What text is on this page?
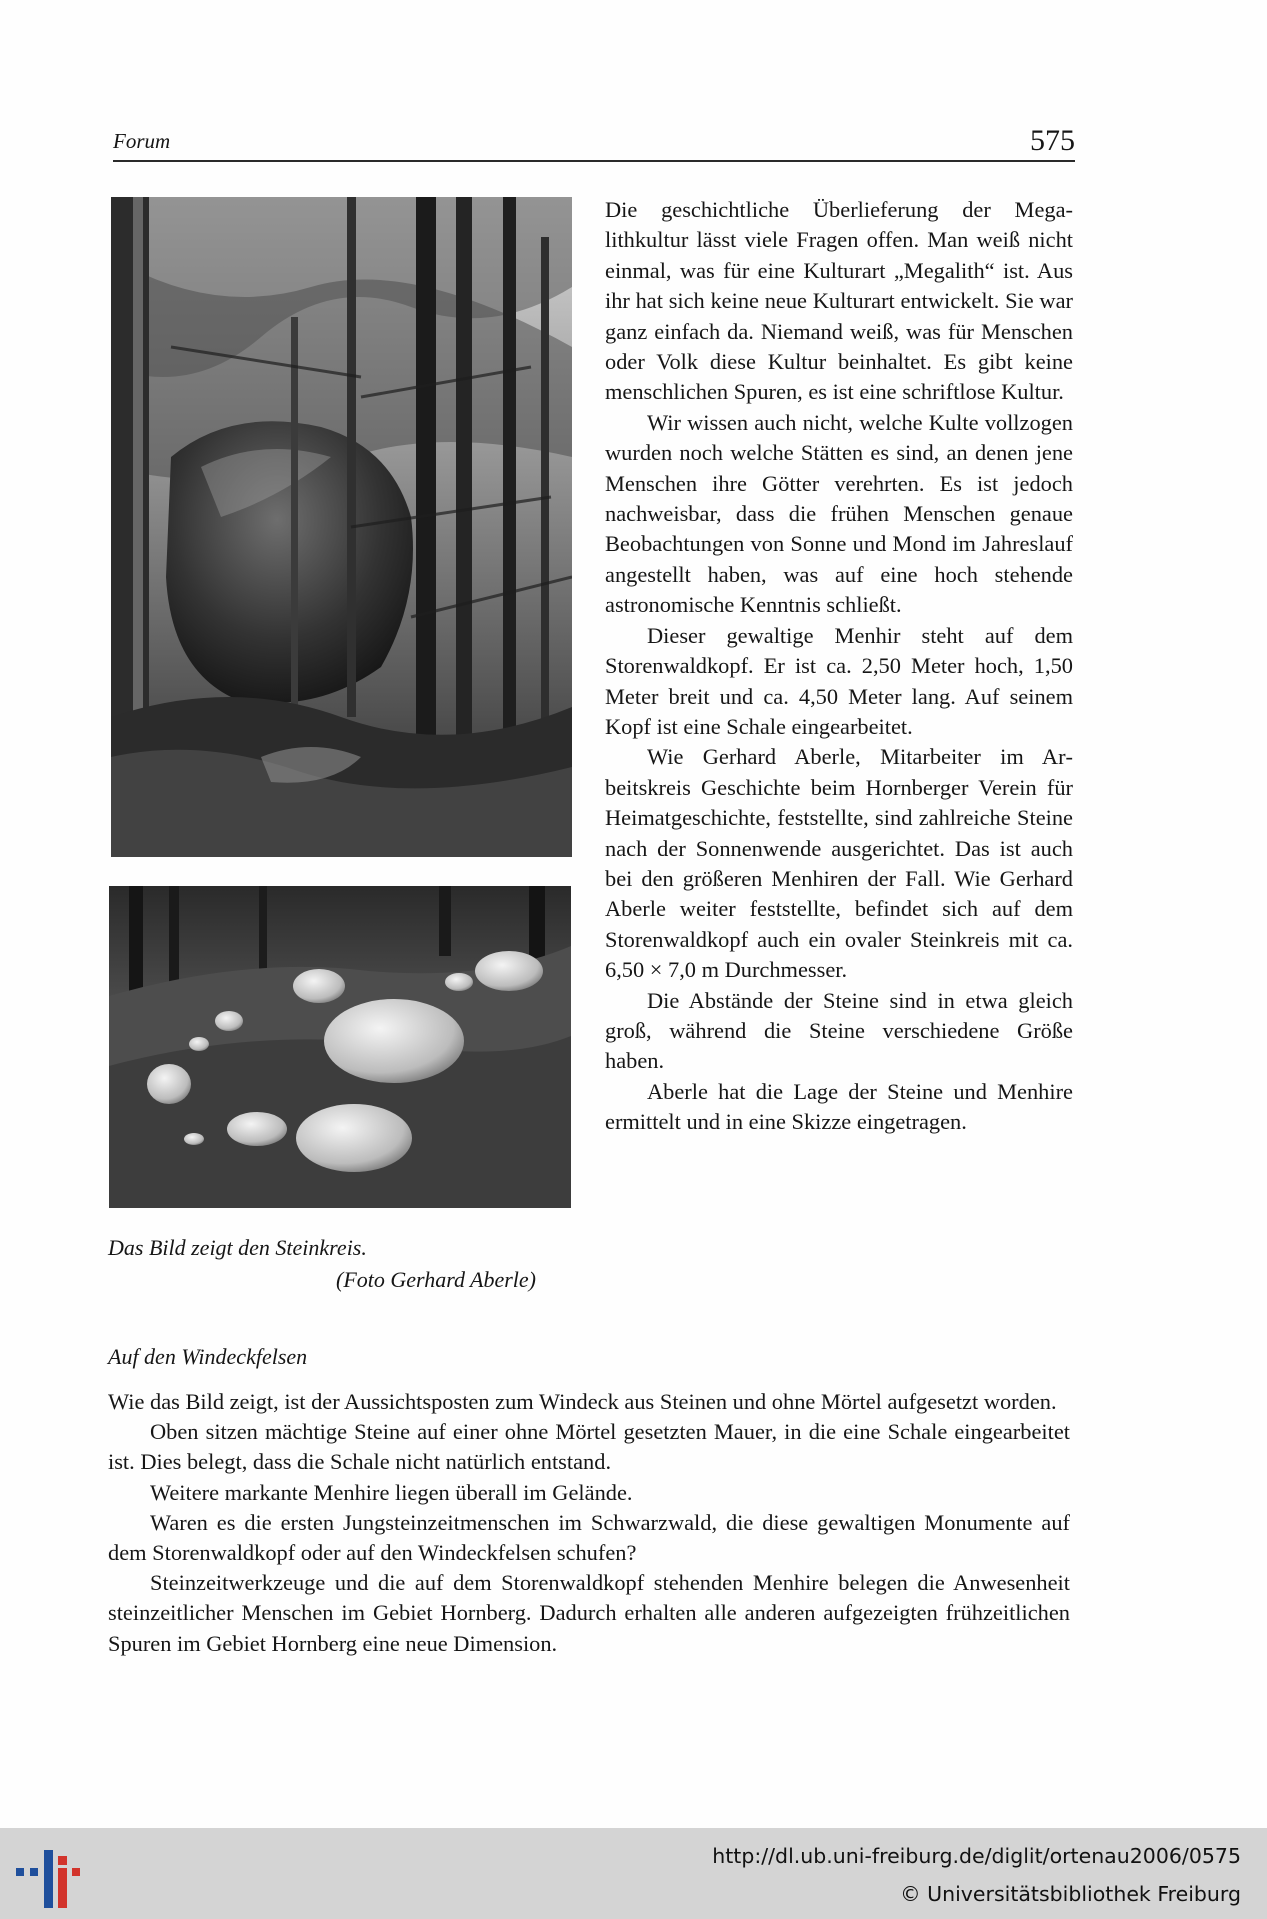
Forum	575
Das Bild zeigt den Steinkreis.
(Foto Gerhard Aberle)

Die geschichtliche Überlieferung der Megalithkultur lässt viele Fragen offen. Man weiß nicht einmal, was für eine Kulturart „Megalith“ ist. Aus ihr hat sich keine neue Kulturart entwickelt. Sie war ganz einfach da. Niemand weiß, was für Menschen oder Volk diese Kultur beinhaltet. Es gibt keine menschlichen Spuren, es ist eine schriftlose Kultur.

Wir wissen auch nicht, welche Kulte vollzogen wurden noch welche Stätten es sind, an denen jene Menschen ihre Götter verehrten. Es ist jedoch nachweisbar, dass die frühen Menschen genaue Beobachtungen von Sonne und Mond im Jahreslauf angestellt haben, was auf eine hoch stehende astronomische Kenntnis schließt.

Dieser gewaltige Menhir steht auf dem Storenwaldkopf. Er ist ca. 2,50 Meter hoch, 1,50 Meter breit und ca. 4,50 Meter lang. Auf seinem Kopf ist eine Schale eingearbeitet.

Wie Gerhard Aberle, Mitarbeiter im Arbeitskreis Geschichte beim Hornberger Verein für Heimatgeschichte, feststellte, sind zahlreiche Steine nach der Sonnenwende ausgerichtet. Das ist auch bei den größeren Menhiren der Fall. Wie Gerhard Aberle weiter feststellte, befindet sich auf dem Storenwaldkopf auch ein ovaler Steinkreis mit ca. 6,50 × 7,0 m Durchmesser.

Die Abstände der Steine sind in etwa gleich groß, während die Steine verschiedene Größe haben.

Aberle hat die Lage der Steine und Menhire ermittelt und in eine Skizze eingetragen.

Auf den Windeckfelsen

Wie das Bild zeigt, ist der Aussichtsposten zum Windeck aus Steinen und ohne Mörtel aufgesetzt worden.

Oben sitzen mächtige Steine auf einer ohne Mörtel gesetzten Mauer, in die eine Schale eingearbeitet ist. Dies belegt, dass die Schale nicht natürlich entstand.

Weitere markante Menhire liegen überall im Gelände.

Waren es die ersten Jungsteinzeitmenschen im Schwarzwald, die diese gewaltigen Monumente auf dem Storenwaldkopf oder auf den Windeckfelsen schufen?

Steinzeitwerkzeuge und die auf dem Storenwaldkopf stehenden Menhire belegen die Anwesenheit steinzeitlicher Menschen im Gebiet Hornberg. Dadurch erhalten alle anderen aufgezeigten frühzeitlichen Spuren im Gebiet Hornberg eine neue Dimension.

http://dl.ub.uni-freiburg.de/diglit/ortenau2006/0575
© Universitätsbibliothek Freiburg
